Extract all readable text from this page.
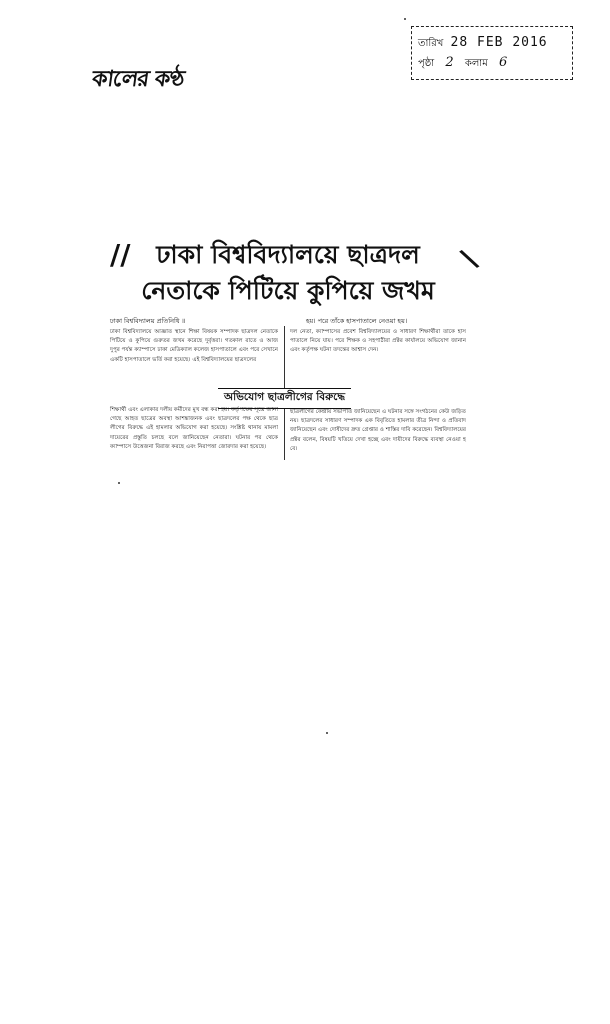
কালের কণ্ঠ
তারিখ 28 FEB 2016
পৃষ্ঠা 2 কলাম 6
//	ঢাকা বিশ্ববিদ্যালয়ে ছাত্রদল	\
নেতাকে পিটিয়ে কুপিয়ে জখম
ঢাকা বিশ্ববিদ্যালয় প্রতিনিধি ॥	হয়। পরে তাঁকে হাসপাতালে নেওয়া হয়।
ঢাকা বিশ্ববিদ্যালয়ে আজ্ঞাত স্থানে শিক্ষা বিষয়ক সম্পাদক ছাত্রদল নেতাকে পিটিয়ে ও কুপিয়ে গুরুতর জখম করেছে দুর্বৃত্তরা। গতকাল রাতে ও আজ দুপুর পর্যন্ত ক্যাম্পাসে ঢাকা মেডিক্যাল কলেজ হাসপাতালে এবং পরে সেখানে একটি হাসপাতালে ভর্তি করা হয়েছে। এই বিশ্ববিদ্যালয়ের ছাত্রদলের
দল নেতা, ক্যাম্পাসের প্রবেশ বিশ্ববিদ্যালয়ের ও সাধারণ শিক্ষার্থীরা তাকে হাসপাতালে নিয়ে যায়। পরে শিক্ষক ও সহপাঠীরা প্রক্টর কার্যালয়ে অভিযোগ জানান এবং কর্তৃপক্ষ ঘটনা তদন্তের আশ্বাস দেন।
অভিযোগ ছাত্রলীগের বিরুদ্ধে
শিক্ষার্থী এবং এলাকার দলীয় কর্মীদের মুখ বন্ধ করা হয়। কর্তৃপক্ষের সূত্রে জানা গেছে আহত ছাত্রের অবস্থা আশঙ্কাজনক এবং ছাত্রদলের পক্ষ থেকে ছাত্রলীগের বিরুদ্ধে এই হামলার অভিযোগ করা হয়েছে। সংশ্লিষ্ট থানায় মামলা দায়েরের প্রস্তুতি চলছে বলে জানিয়েছেন নেতারা। ঘটনার পর থেকে ক্যাম্পাসে উত্তেজনা বিরাজ করছে এবং নিরাপত্তা জোরদার করা হয়েছে।
ছাত্রলীগের কেন্দ্রীয় সভাপতি জানিয়েছেন এ ঘটনার সঙ্গে সংগঠনের কেউ জড়িত নয়। ছাত্রদলের সাধারণ সম্পাদক এক বিবৃতিতে হামলার তীব্র নিন্দা ও প্রতিবাদ জানিয়েছেন এবং দোষীদের দ্রুত গ্রেপ্তার ও শাস্তির দাবি করেছেন। বিশ্ববিদ্যালয়ের প্রক্টর বলেন, বিষয়টি খতিয়ে দেখা হচ্ছে এবং দায়ীদের বিরুদ্ধে ব্যবস্থা নেওয়া হবে।
